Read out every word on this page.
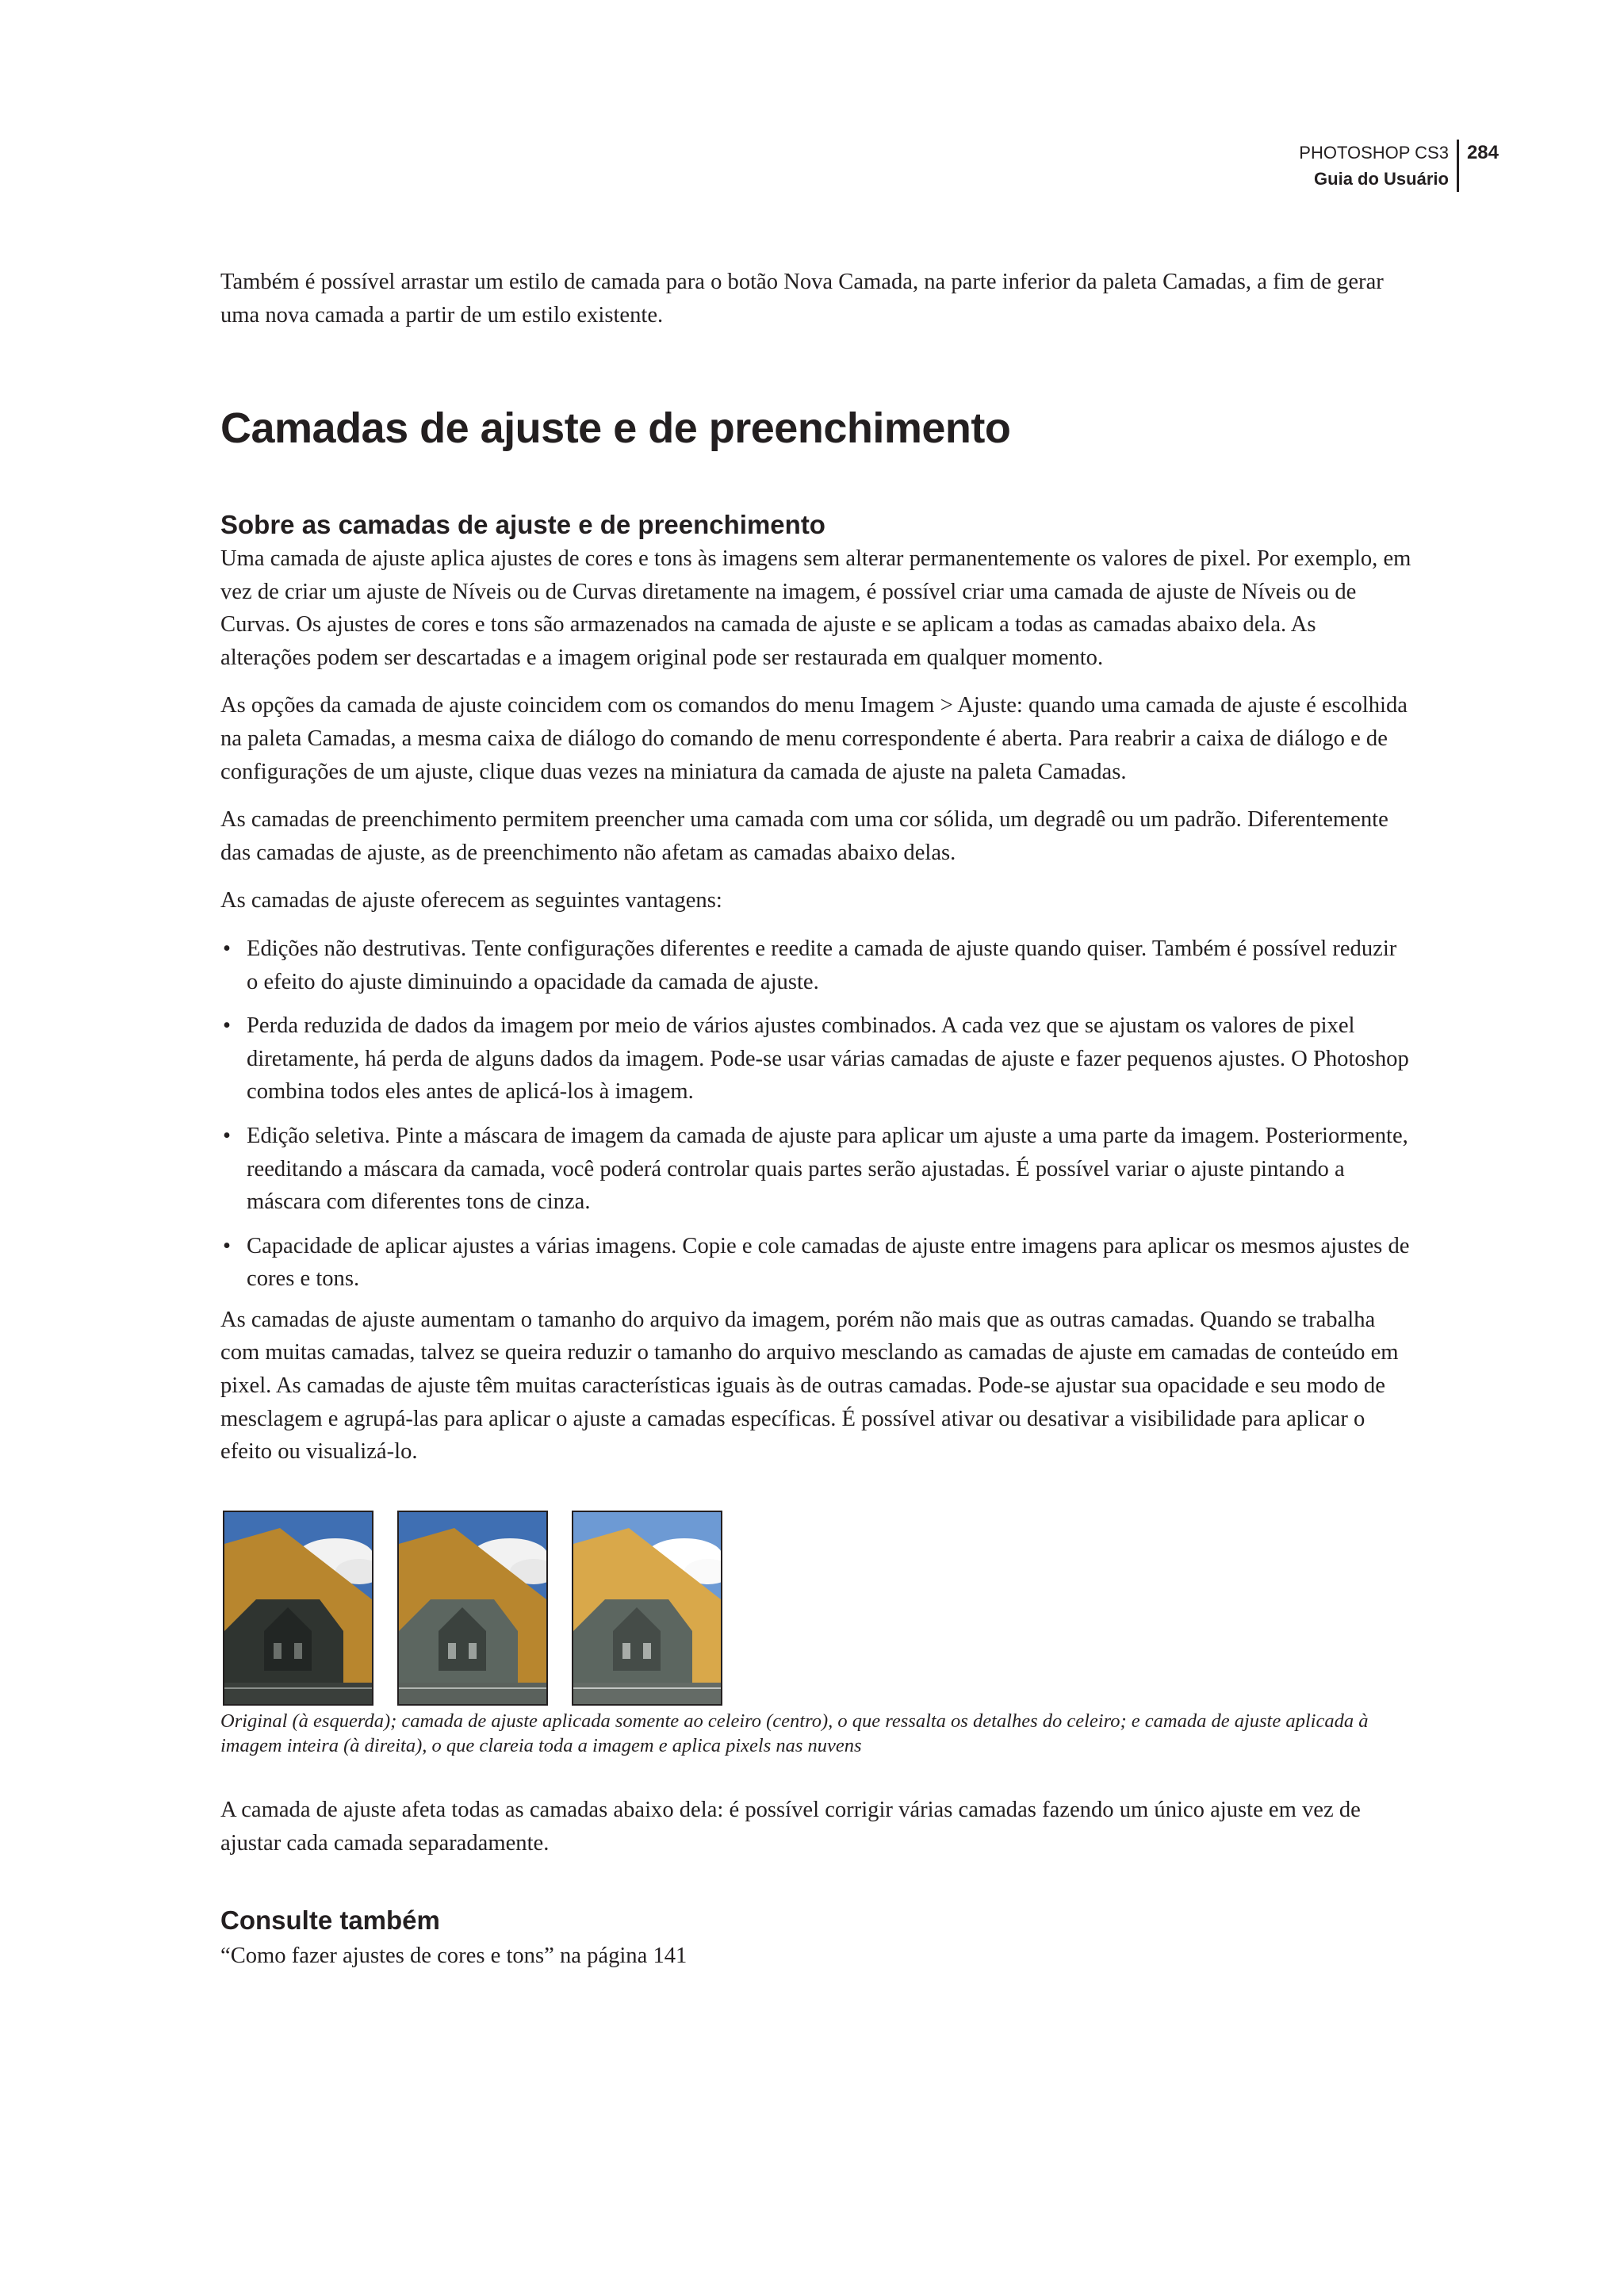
PHOTOSHOP CS3
Guia do Usuário
284

Também é possível arrastar um estilo de camada para o botão Nova Camada, na parte inferior da paleta Camadas, a fim de gerar uma nova camada a partir de um estilo existente.

Camadas de ajuste e de preenchimento
Sobre as camadas de ajuste e de preenchimento

Uma camada de ajuste aplica ajustes de cores e tons às imagens sem alterar permanentemente os valores de pixel. Por exemplo, em vez de criar um ajuste de Níveis ou de Curvas diretamente na imagem, é possível criar uma camada de ajuste de Níveis ou de Curvas. Os ajustes de cores e tons são armazenados na camada de ajuste e se aplicam a todas as camadas abaixo dela. As alterações podem ser descartadas e a imagem original pode ser restaurada em qualquer momento.

As opções da camada de ajuste coincidem com os comandos do menu Imagem > Ajuste: quando uma camada de ajuste é escolhida na paleta Camadas, a mesma caixa de diálogo do comando de menu correspondente é aberta. Para reabrir a caixa de diálogo e de configurações de um ajuste, clique duas vezes na miniatura da camada de ajuste na paleta Camadas.

As camadas de preenchimento permitem preencher uma camada com uma cor sólida, um degradê ou um padrão. Diferentemente das camadas de ajuste, as de preenchimento não afetam as camadas abaixo delas.

As camadas de ajuste oferecem as seguintes vantagens:

• Edições não destrutivas. Tente configurações diferentes e reedite a camada de ajuste quando quiser. Também é possível reduzir o efeito do ajuste diminuindo a opacidade da camada de ajuste.
• Perda reduzida de dados da imagem por meio de vários ajustes combinados. A cada vez que se ajustam os valores de pixel diretamente, há perda de alguns dados da imagem. Pode-se usar várias camadas de ajuste e fazer pequenos ajustes. O Photoshop combina todos eles antes de aplicá-los à imagem.
• Edição seletiva. Pinte a máscara de imagem da camada de ajuste para aplicar um ajuste a uma parte da imagem. Posteriormente, reeditando a máscara da camada, você poderá controlar quais partes serão ajustadas. É possível variar o ajuste pintando a máscara com diferentes tons de cinza.
• Capacidade de aplicar ajustes a várias imagens. Copie e cole camadas de ajuste entre imagens para aplicar os mesmos ajustes de cores e tons.

As camadas de ajuste aumentam o tamanho do arquivo da imagem, porém não mais que as outras camadas. Quando se trabalha com muitas camadas, talvez se queira reduzir o tamanho do arquivo mesclando as camadas de ajuste em camadas de conteúdo em pixel. As camadas de ajuste têm muitas características iguais às de outras camadas. Pode-se ajustar sua opacidade e seu modo de mesclagem e agrupá-las para aplicar o ajuste a camadas específicas. É possível ativar ou desativar a visibilidade para aplicar o efeito ou visualizá-lo.

Original (à esquerda); camada de ajuste aplicada somente ao celeiro (centro), o que ressalta os detalhes do celeiro; e camada de ajuste aplicada à imagem inteira (à direita), o que clareia toda a imagem e aplica pixels nas nuvens

A camada de ajuste afeta todas as camadas abaixo dela: é possível corrigir várias camadas fazendo um único ajuste em vez de ajustar cada camada separadamente.

Consulte também

“Como fazer ajustes de cores e tons” na página 141
